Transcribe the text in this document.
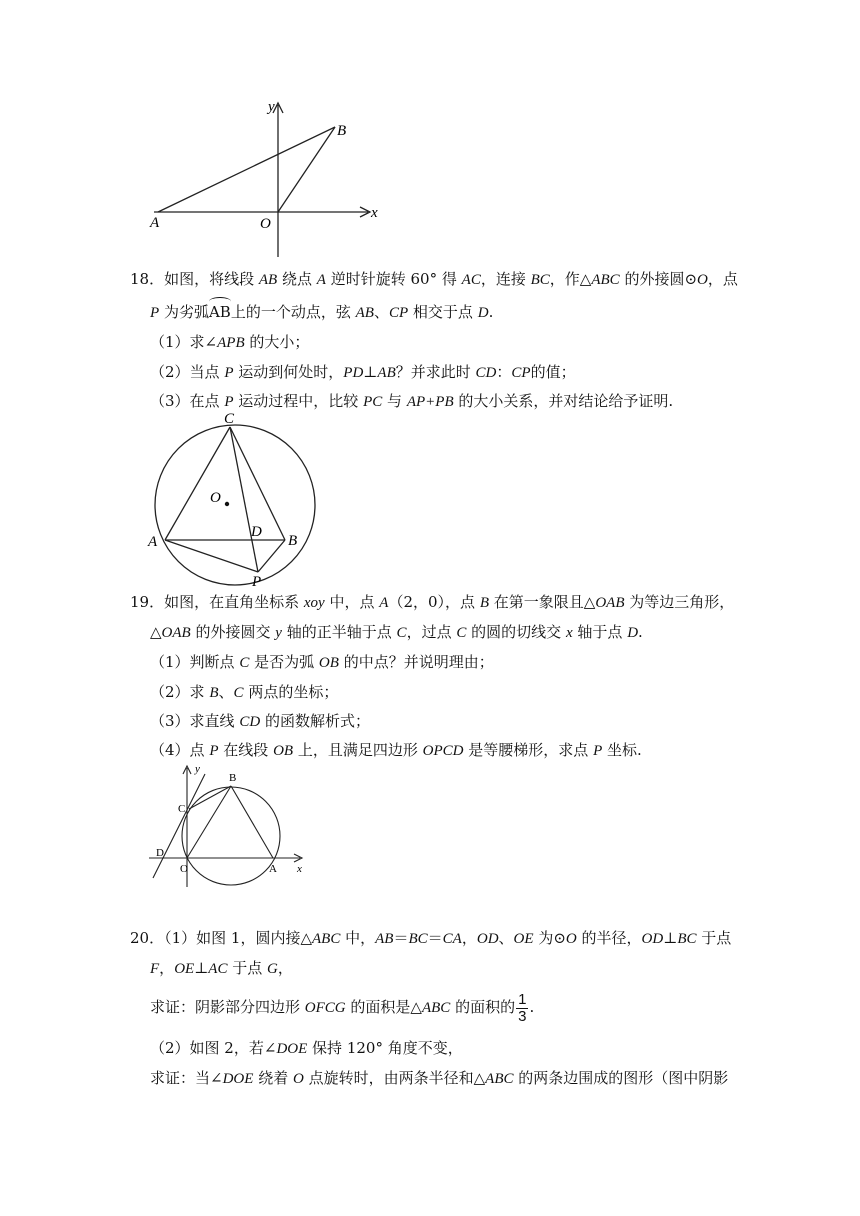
y
B
x
A	O
18．如图，将线段 AB 绕点 A 逆时针旋转 60° 得 AC，连接 BC，作△ABC 的外接圆⊙O，点
P 为劣弧AB上的一个动点，弦 AB、CP 相交于点 D.
（1）求∠APB 的大小；
（2）当点 P 运动到何处时，PD⊥AB？并求此时 CD：CP的值；
（3）在点 P 运动过程中，比较 PC 与 AP+PB 的大小关系，并对结论给予证明.
C
O
A
D
B
P
19．如图，在直角坐标系 xoy 中，点 A（2，0），点 B 在第一象限且△OAB 为等边三角形，
△OAB 的外接圆交 y 轴的正半轴于点 C，过点 C 的圆的切线交 x 轴于点 D.
（1）判断点 C 是否为弧 OB 的中点？并说明理由；
（2）求 B、C 两点的坐标；
（3）求直线 CD 的函数解析式；
（4）点 P 在线段 OB 上，且满足四边形 OPCD 是等腰梯形，求点 P 坐标.
y
B
C
D
O	A x
20．（1）如图 1，圆内接△ABC 中，AB＝BC＝CA，OD、OE 为⊙O 的半径，OD⊥BC 于点
F，OE⊥AC 于点 G，
求证：阴影部分四边形 OFCG 的面积是△ABC 的面积的 $\frac{1}{3}$ .
（2）如图 2，若∠DOE 保持 120° 角度不变，
求证：当∠DOE 绕着 O 点旋转时，由两条半径和△ABC 的两条边围成的图形（图中阴影
